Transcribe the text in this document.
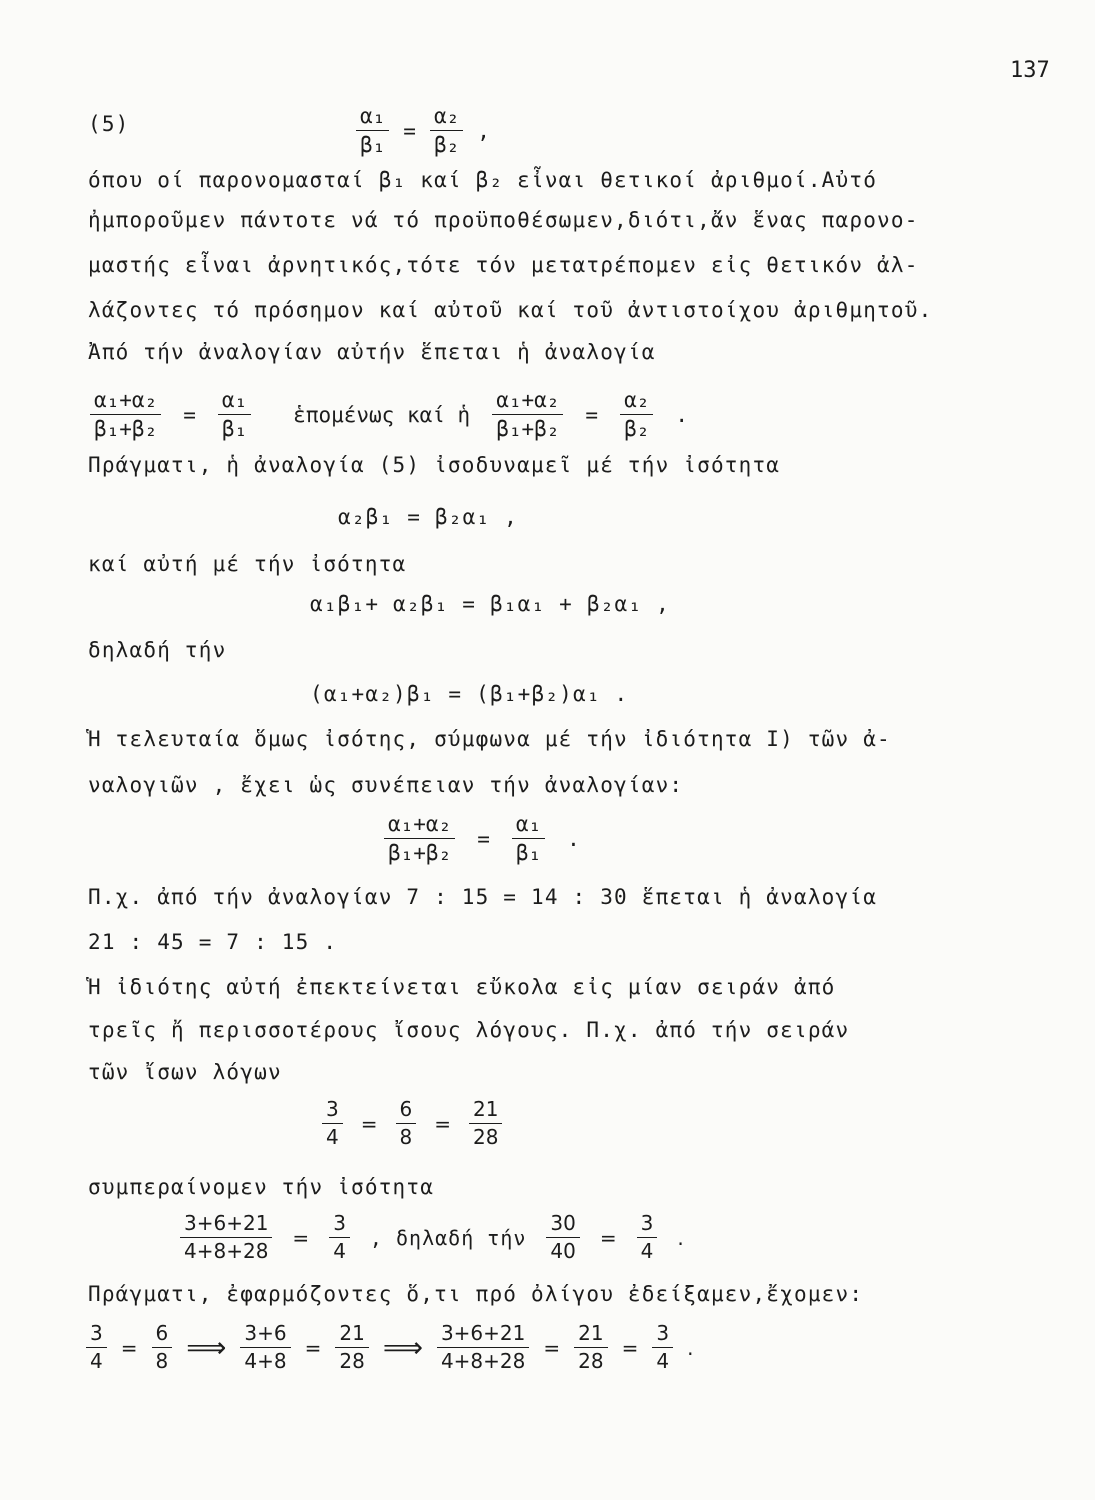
137
(5)	$\frac{\text{α₁}}{\text{β₁}} = \frac{\text{α₂}}{\text{β₂}}$ ,
όπου οί παρονομασταί β₁ καί β₂ εἶναι θετικοί ἀριθμοί.Αὐτό
ἠμποροῦμεν πάντοτε νά τό προϋποθέσωμεν,διότι,ἄν ἕνας παρονο-
μαστής εἶναι ἀρνητικός,τότε τόν μετατρέπομεν εἰς θετικόν ἀλ-
λάζοντες τό πρόσημον καί αὐτοῦ καί τοῦ ἀντιστοίχου ἀριθμητοῦ.
Ἀπό τήν ἀναλογίαν αὐτήν ἕπεται ἡ ἀναλογία
$\frac{\text{α₁+α₂}}{\text{β₁+β₂}} = \frac{\text{α₁}}{\text{β₁}}$ ἑπομένως καί ἡ $\frac{\text{α₁+α₂}}{\text{β₁+β₂}} = \frac{\text{α₂}}{\text{β₂}}$ .
Πράγματι, ἡ ἀναλογία (5) ἰσοδυναμεῖ μέ τήν ἰσότητα
α₂β₁ = β₂α₁ ,
καί αὐτή μέ τήν ἰσότητα
α₁β₁+ α₂β₁ = β₁α₁ + β₂α₁ ,
δηλαδή τήν
(α₁+α₂)β₁ = (β₁+β₂)α₁ .
Ἡ τελευταία ὅμως ἰσότης, σύμφωνα μέ τήν ἰδιότητα I) τῶν ἀ-
ναλογιῶν , ἔχει ὡς συνέπειαν τήν ἀναλογίαν:
$\frac{\text{α₁+α₂}}{\text{β₁+β₂}} = \frac{\text{α₁}}{\text{β₁}}$ .
Π.χ. ἀπό τήν ἀναλογίαν 7 : 15 = 14 : 30 ἕπεται ἡ ἀναλογία
21 : 45 = 7 : 15 .
Ἡ ἰδιότης αὐτή ἐπεκτείνεται εὔκολα εἰς μίαν σειράν ἀπό
τρεῖς ἤ περισσοτέρους ἴσους λόγους. Π.χ. ἀπό τήν σειράν
τῶν ἴσων λόγων
$\frac{3}{4} = \frac{6}{8} = \frac{21}{28}$
συμπεραίνομεν τήν ἰσότητα
$\frac{3+6+21}{4+8+28} = \frac{3}{4}$ , δηλαδή τήν $\frac{30}{40} = \frac{3}{4}$ .
Πράγματι, ἐφαρμόζοντες ὅ,τι πρό ὀλίγου ἐδείξαμεν,ἔχομεν:
$\frac{3}{4} = \frac{6}{8}$ ⟹ $\frac{3+6}{4+8} = \frac{21}{28}$ ⟹ $\frac{3+6+21}{4+8+28} = \frac{21}{28} = \frac{3}{4}$ .
